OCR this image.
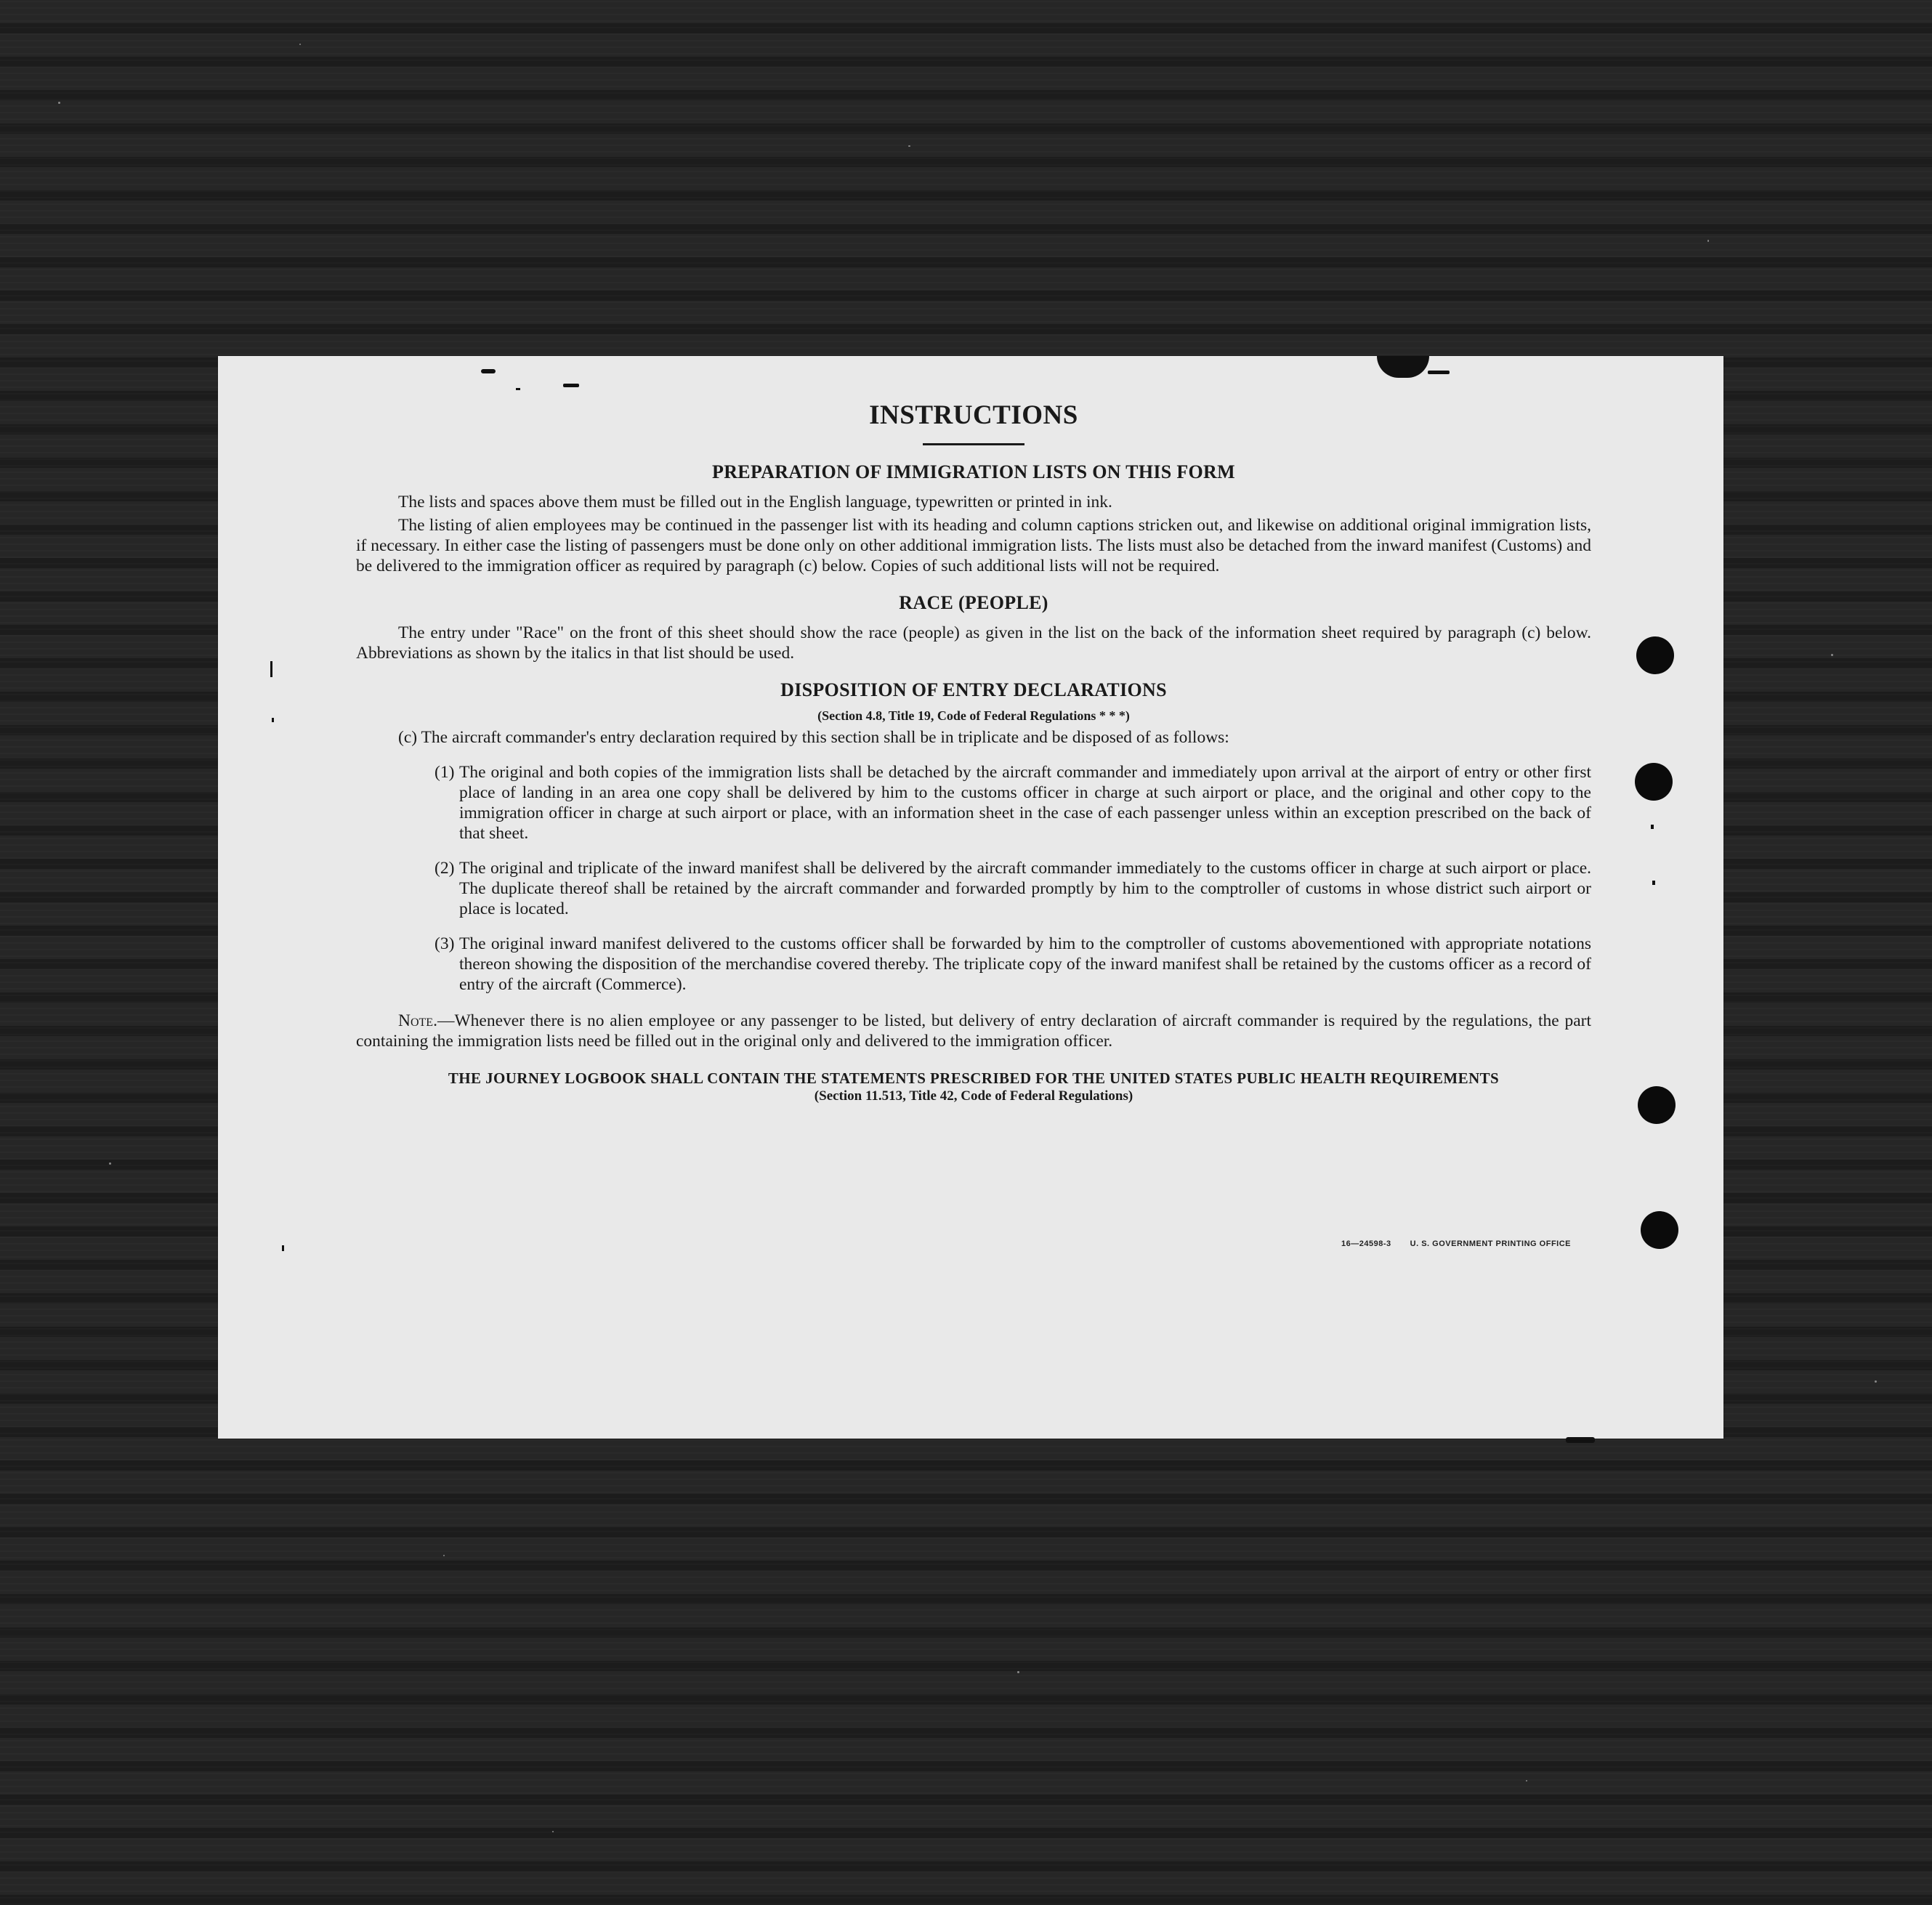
INSTRUCTIONS
PREPARATION OF IMMIGRATION LISTS ON THIS FORM

The lists and spaces above them must be filled out in the English language, typewritten or printed in ink.

The listing of alien employees may be continued in the passenger list with its heading and column captions stricken out, and likewise on additional original immigration lists, if necessary. In either case the listing of passengers must be done only on other additional immigration lists. The lists must also be detached from the inward manifest (Customs) and be delivered to the immigration officer as required by paragraph (c) below. Copies of such additional lists will not be required.

RACE (PEOPLE)

The entry under "Race" on the front of this sheet should show the race (people) as given in the list on the back of the information sheet required by paragraph (c) below. Abbreviations as shown by the italics in that list should be used.

DISPOSITION OF ENTRY DECLARATIONS
(Section 4.8, Title 19, Code of Federal Regulations * * *)
(c) The aircraft commander's entry declaration required by this section shall be in triplicate and be disposed of as follows:
(1) The original and both copies of the immigration lists shall be detached by the aircraft commander and immediately upon arrival at the airport of entry or other first place of landing in an area one copy shall be delivered by him to the customs officer in charge at such airport or place, and the original and other copy to the immigration officer in charge at such airport or place, with an information sheet in the case of each passenger unless within an exception prescribed on the back of that sheet.
(2) The original and triplicate of the inward manifest shall be delivered by the aircraft commander immediately to the customs officer in charge at such airport or place. The duplicate thereof shall be retained by the aircraft commander and forwarded promptly by him to the comptroller of customs in whose district such airport or place is located.
(3) The original inward manifest delivered to the customs officer shall be forwarded by him to the comptroller of customs abovementioned with appropriate notations thereon showing the disposition of the merchandise covered thereby. The triplicate copy of the inward manifest shall be retained by the customs officer as a record of entry of the aircraft (Commerce).

Note.—Whenever there is no alien employee or any passenger to be listed, but delivery of entry declaration of aircraft commander is required by the regulations, the part containing the immigration lists need be filled out in the original only and delivered to the immigration officer.

THE JOURNEY LOGBOOK SHALL CONTAIN THE STATEMENTS PRESCRIBED FOR THE UNITED STATES PUBLIC HEALTH REQUIREMENTS
(Section 11.513, Title 42, Code of Federal Regulations)
16—24598-3 U. S. GOVERNMENT PRINTING OFFICE
